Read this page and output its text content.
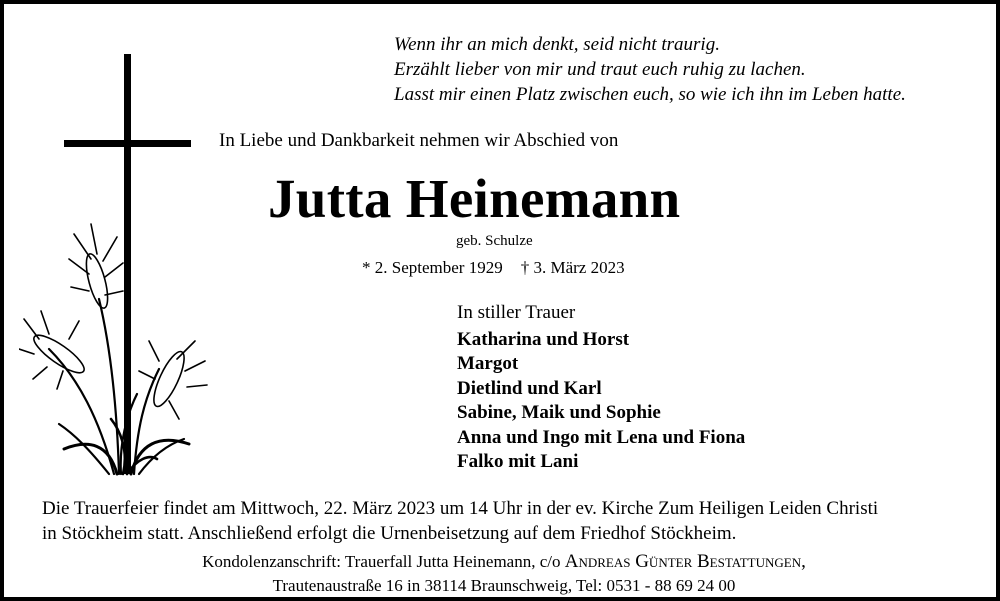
Wenn ihr an mich denkt, seid nicht traurig.
Erzählt lieber von mir und traut euch ruhig zu lachen.
Lasst mir einen Platz zwischen euch, so wie ich ihn im Leben hatte.
In Liebe und Dankbarkeit nehmen wir Abschied von
Jutta Heinemann
geb. Schulze
* 2. September 1929 † 3. März 2023
In stiller Trauer
Katharina und Horst
Margot
Dietlind und Karl
Sabine, Maik und Sophie
Anna und Ingo mit Lena und Fiona
Falko mit Lani
Die Trauerfeier findet am Mittwoch, 22. März 2023 um 14 Uhr in der ev. Kirche Zum Heiligen Leiden Christi
in Stöckheim statt. Anschließend erfolgt die Urnenbeisetzung auf dem Friedhof Stöckheim.
Kondolenzanschrift: Trauerfall Jutta Heinemann, c/o Andreas Günter Bestattungen,
Trautenaustraße 16 in 38114 Braunschweig, Tel: 0531 - 88 69 24 00
